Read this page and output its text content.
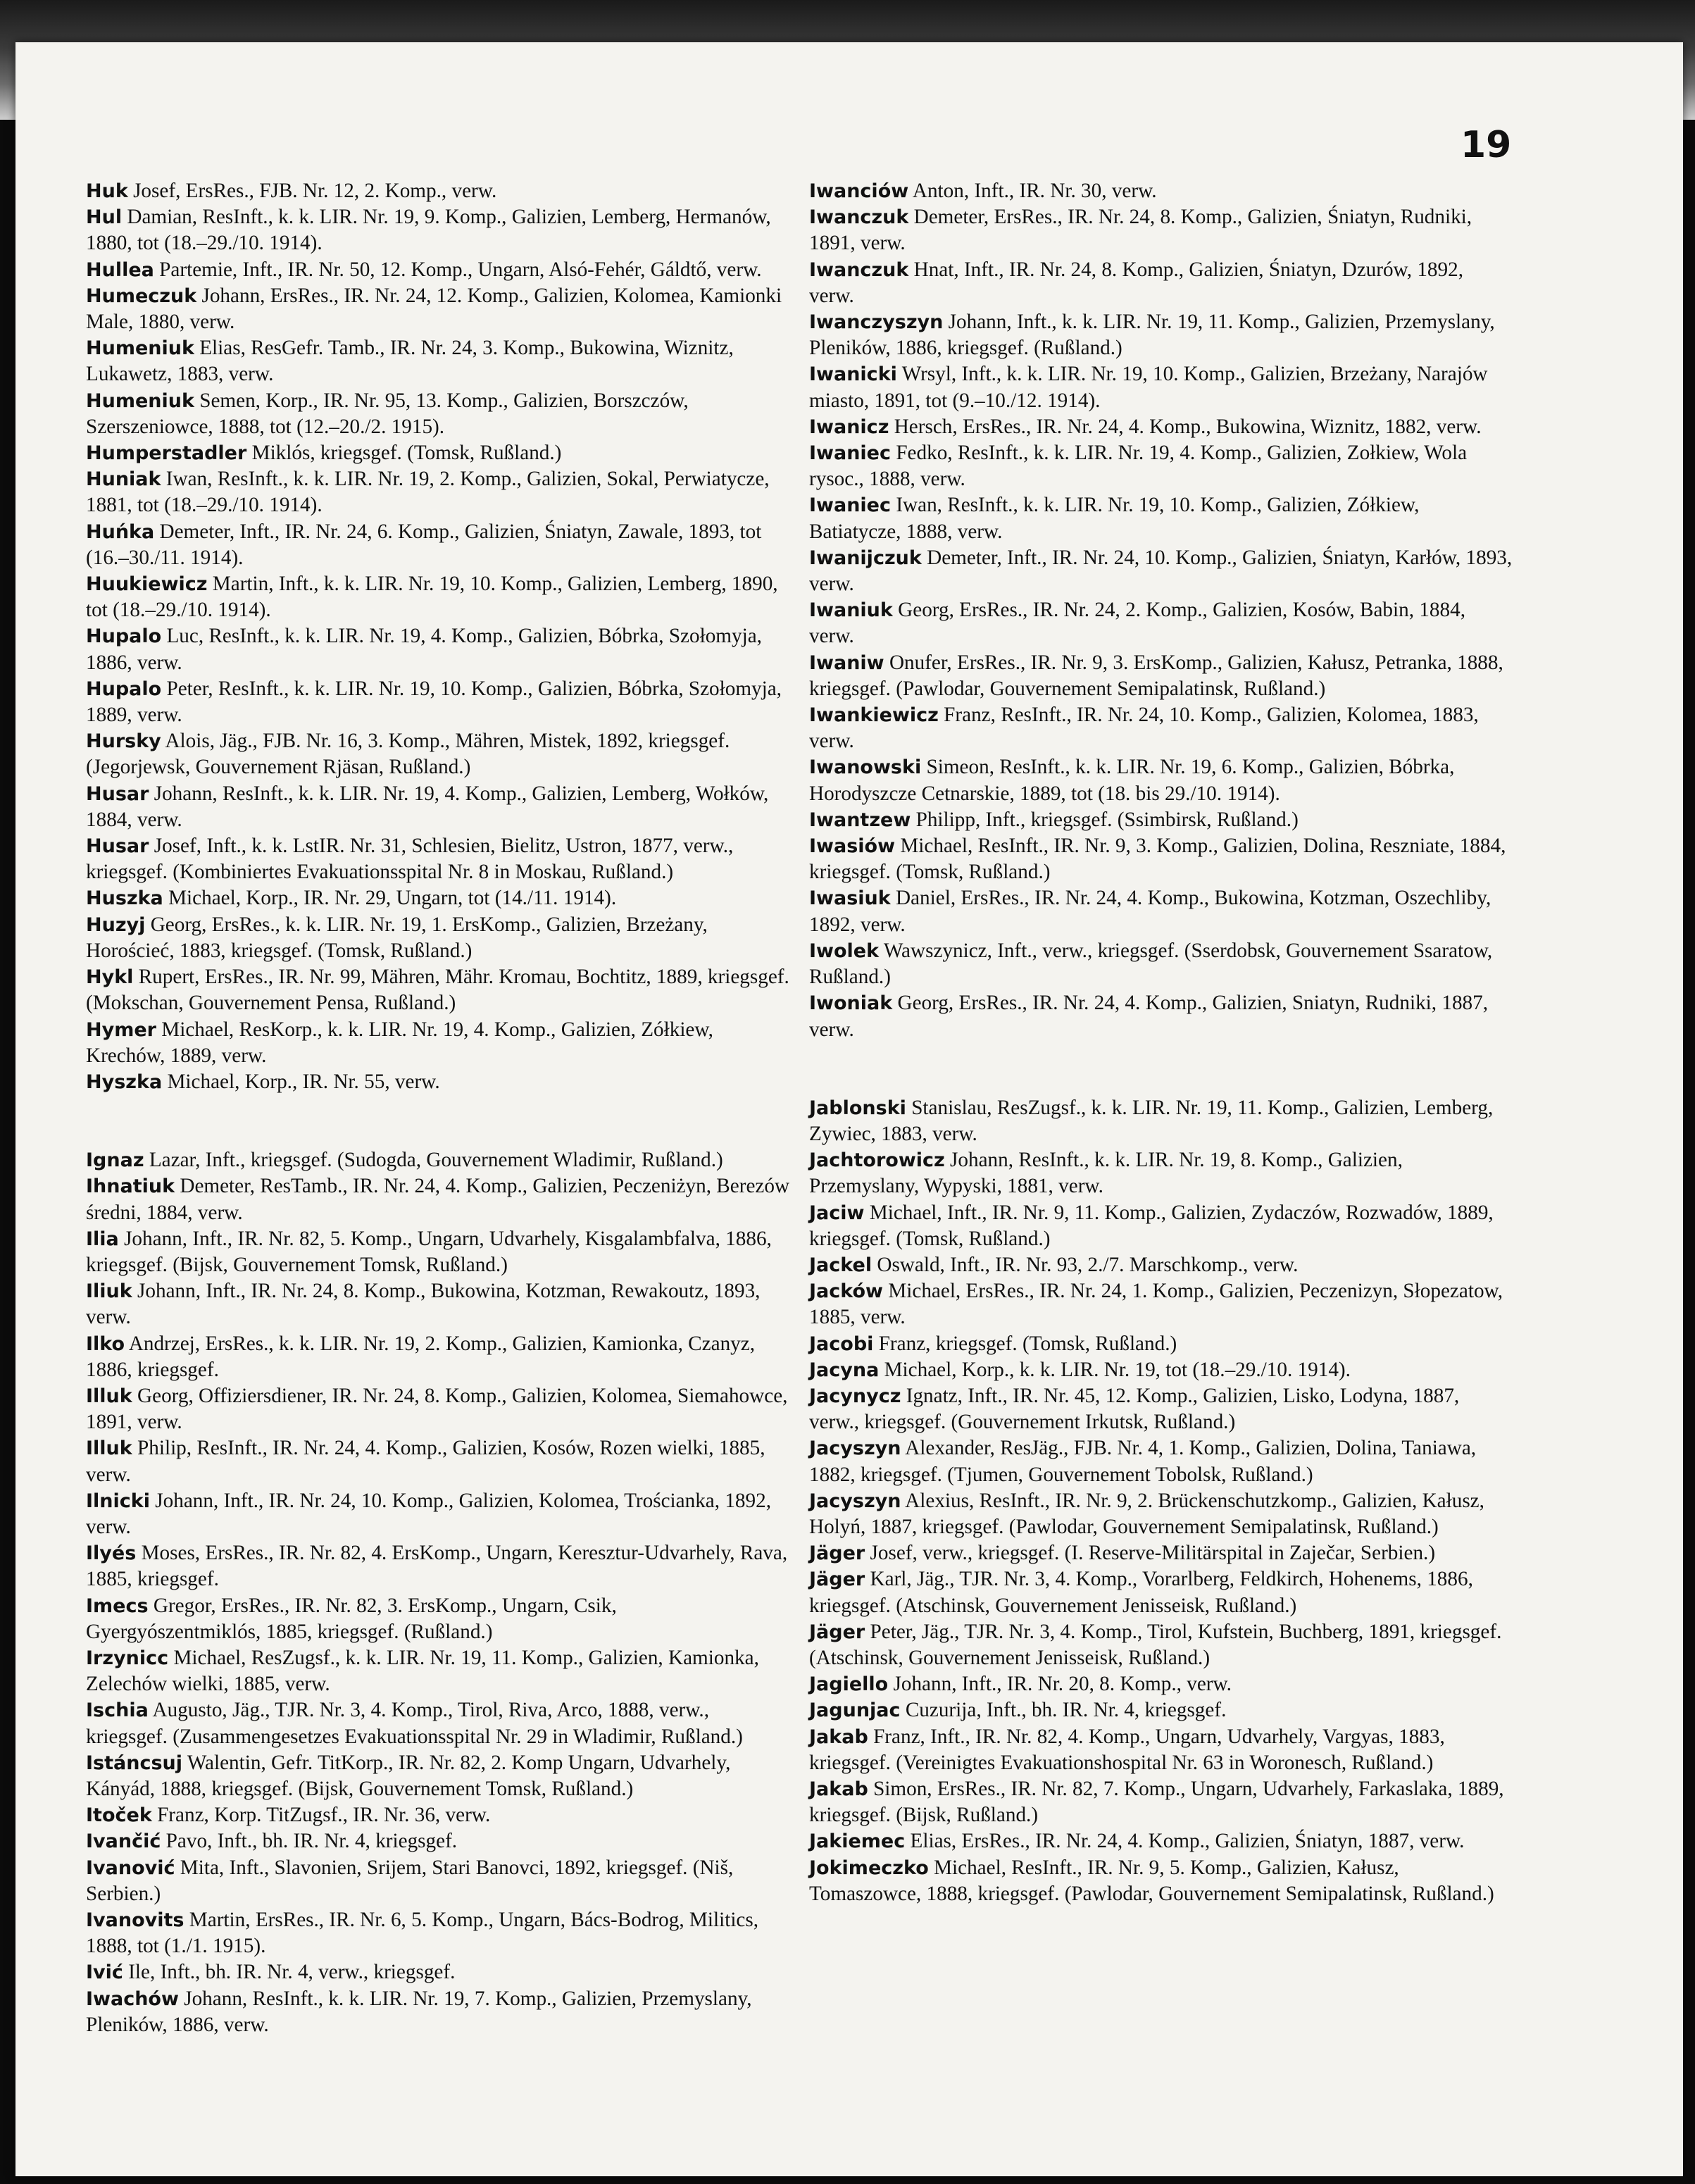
19

Huk Josef, ErsRes., FJB. Nr. 12, 2. Komp., verw.

Hul Damian, ResInft., k. k. LIR. Nr. 19, 9. Komp., Galizien, Lemberg, Hermanów, 1880, tot (18.–29./10. 1914).

Hullea Partemie, Inft., IR. Nr. 50, 12. Komp., Ungarn, Alsó-Fehér, Gáldtő, verw.

Humeczuk Johann, ErsRes., IR. Nr. 24, 12. Komp., Galizien, Kolomea, Kamionki Male, 1880, verw.

Humeniuk Elias, ResGefr. Tamb., IR. Nr. 24, 3. Komp., Bukowina, Wiznitz, Lukawetz, 1883, verw.

Humeniuk Semen, Korp., IR. Nr. 95, 13. Komp., Galizien, Borszczów, Szerszeniowce, 1888, tot (12.–20./2. 1915).

Humperstadler Miklós, kriegsgef. (Tomsk, Rußland.)

Huniak Iwan, ResInft., k. k. LIR. Nr. 19, 2. Komp., Galizien, Sokal, Perwiatycze, 1881, tot (18.–29./10. 1914).

Huńka Demeter, Inft., IR. Nr. 24, 6. Komp., Galizien, Śniatyn, Zawale, 1893, tot (16.–30./11. 1914).

Huukiewicz Martin, Inft., k. k. LIR. Nr. 19, 10. Komp., Galizien, Lemberg, 1890, tot (18.–29./10. 1914).

Hupalo Luc, ResInft., k. k. LIR. Nr. 19, 4. Komp., Galizien, Bóbrka, Szołomyja, 1886, verw.

Hupalo Peter, ResInft., k. k. LIR. Nr. 19, 10. Komp., Galizien, Bóbrka, Szołomyja, 1889, verw.

Hursky Alois, Jäg., FJB. Nr. 16, 3. Komp., Mähren, Mistek, 1892, kriegsgef. (Jegorjewsk, Gouvernement Rjäsan, Rußland.)

Husar Johann, ResInft., k. k. LIR. Nr. 19, 4. Komp., Galizien, Lemberg, Wołków, 1884, verw.

Husar Josef, Inft., k. k. LstIR. Nr. 31, Schlesien, Bielitz, Ustron, 1877, verw., kriegsgef. (Kombiniertes Evakuationsspital Nr. 8 in Moskau, Rußland.)

Huszka Michael, Korp., IR. Nr. 29, Ungarn, tot (14./11. 1914).

Huzyj Georg, ErsRes., k. k. LIR. Nr. 19, 1. ErsKomp., Galizien, Brzeżany, Horościeć, 1883, kriegsgef. (Tomsk, Rußland.)

Hykl Rupert, ErsRes., IR. Nr. 99, Mähren, Mähr. Kromau, Bochtitz, 1889, kriegsgef. (Mokschan, Gouvernement Pensa, Rußland.)

Hymer Michael, ResKorp., k. k. LIR. Nr. 19, 4. Komp., Galizien, Zółkiew, Krechów, 1889, verw.

Hyszka Michael, Korp., IR. Nr. 55, verw.

Ignaz Lazar, Inft., kriegsgef. (Sudogda, Gouvernement Wladimir, Rußland.)

Ihnatiuk Demeter, ResTamb., IR. Nr. 24, 4. Komp., Galizien, Peczeniżyn, Berezów średni, 1884, verw.

Ilia Johann, Inft., IR. Nr. 82, 5. Komp., Ungarn, Udvarhely, Kisgalambfalva, 1886, kriegsgef. (Bijsk, Gouvernement Tomsk, Rußland.)

Iliuk Johann, Inft., IR. Nr. 24, 8. Komp., Bukowina, Kotzman, Rewakoutz, 1893, verw.

Ilko Andrzej, ErsRes., k. k. LIR. Nr. 19, 2. Komp., Galizien, Kamionka, Czanyz, 1886, kriegsgef.

Illuk Georg, Offiziersdiener, IR. Nr. 24, 8. Komp., Galizien, Kolomea, Siemahowce, 1891, verw.

Illuk Philip, ResInft., IR. Nr. 24, 4. Komp., Galizien, Kosów, Rozen wielki, 1885, verw.

Ilnicki Johann, Inft., IR. Nr. 24, 10. Komp., Galizien, Kolomea, Trościanka, 1892, verw.

Ilyés Moses, ErsRes., IR. Nr. 82, 4. ErsKomp., Ungarn, Keresztur-Udvarhely, Rava, 1885, kriegsgef.

Imecs Gregor, ErsRes., IR. Nr. 82, 3. ErsKomp., Ungarn, Csik, Gyergyószentmiklós, 1885, kriegsgef. (Rußland.)

Irzynicc Michael, ResZugsf., k. k. LIR. Nr. 19, 11. Komp., Galizien, Kamionka, Zelechów wielki, 1885, verw.

Ischia Augusto, Jäg., TJR. Nr. 3, 4. Komp., Tirol, Riva, Arco, 1888, verw., kriegsgef. (Zusammengesetzes Evakuationsspital Nr. 29 in Wladimir, Rußland.)

Istáncsuj Walentin, Gefr. TitKorp., IR. Nr. 82, 2. Komp Ungarn, Udvarhely, Kányád, 1888, kriegsgef. (Bijsk, Gouvernement Tomsk, Rußland.)

Itoček Franz, Korp. TitZugsf., IR. Nr. 36, verw.

Ivančić Pavo, Inft., bh. IR. Nr. 4, kriegsgef.

Ivanović Mita, Inft., Slavonien, Srijem, Stari Banovci, 1892, kriegsgef. (Niš, Serbien.)

Ivanovits Martin, ErsRes., IR. Nr. 6, 5. Komp., Ungarn, Bács-Bodrog, Militics, 1888, tot (1./1. 1915).

Ivić Ile, Inft., bh. IR. Nr. 4, verw., kriegsgef.

Iwachów Johann, ResInft., k. k. LIR. Nr. 19, 7. Komp., Galizien, Przemyslany, Pleników, 1886, verw.

Iwanciów Anton, Inft., IR. Nr. 30, verw.

Iwanczuk Demeter, ErsRes., IR. Nr. 24, 8. Komp., Galizien, Śniatyn, Rudniki, 1891, verw.

Iwanczuk Hnat, Inft., IR. Nr. 24, 8. Komp., Galizien, Śniatyn, Dzurów, 1892, verw.

Iwanczyszyn Johann, Inft., k. k. LIR. Nr. 19, 11. Komp., Galizien, Przemyslany, Pleników, 1886, kriegsgef. (Rußland.)

Iwanicki Wrsyl, Inft., k. k. LIR. Nr. 19, 10. Komp., Galizien, Brzeżany, Narajów miasto, 1891, tot (9.–10./12. 1914).

Iwanicz Hersch, ErsRes., IR. Nr. 24, 4. Komp., Bukowina, Wiznitz, 1882, verw.

Iwaniec Fedko, ResInft., k. k. LIR. Nr. 19, 4. Komp., Galizien, Zołkiew, Wola rysoc., 1888, verw.

Iwaniec Iwan, ResInft., k. k. LIR. Nr. 19, 10. Komp., Galizien, Zółkiew, Batiatycze, 1888, verw.

Iwanijczuk Demeter, Inft., IR. Nr. 24, 10. Komp., Galizien, Śniatyn, Karłów, 1893, verw.

Iwaniuk Georg, ErsRes., IR. Nr. 24, 2. Komp., Galizien, Kosów, Babin, 1884, verw.

Iwaniw Onufer, ErsRes., IR. Nr. 9, 3. ErsKomp., Galizien, Kałusz, Petranka, 1888, kriegsgef. (Pawlodar, Gouvernement Semipalatinsk, Rußland.)

Iwankiewicz Franz, ResInft., IR. Nr. 24, 10. Komp., Galizien, Kolomea, 1883, verw.

Iwanowski Simeon, ResInft., k. k. LIR. Nr. 19, 6. Komp., Galizien, Bóbrka, Horodyszcze Cetnarskie, 1889, tot (18. bis 29./10. 1914).

Iwantzew Philipp, Inft., kriegsgef. (Ssimbirsk, Rußland.)

Iwasiów Michael, ResInft., IR. Nr. 9, 3. Komp., Galizien, Dolina, Reszniate, 1884, kriegsgef. (Tomsk, Rußland.)

Iwasiuk Daniel, ErsRes., IR. Nr. 24, 4. Komp., Bukowina, Kotzman, Oszechliby, 1892, verw.

Iwolek Wawszynicz, Inft., verw., kriegsgef. (Sserdobsk, Gouvernement Ssaratow, Rußland.)

Iwoniak Georg, ErsRes., IR. Nr. 24, 4. Komp., Galizien, Sniatyn, Rudniki, 1887, verw.

Jablonski Stanislau, ResZugsf., k. k. LIR. Nr. 19, 11. Komp., Galizien, Lemberg, Zywiec, 1883, verw.

Jachtorowicz Johann, ResInft., k. k. LIR. Nr. 19, 8. Komp., Galizien, Przemyslany, Wypyski, 1881, verw.

Jaciw Michael, Inft., IR. Nr. 9, 11. Komp., Galizien, Zydaczów, Rozwadów, 1889, kriegsgef. (Tomsk, Rußland.)

Jackel Oswald, Inft., IR. Nr. 93, 2./7. Marschkomp., verw.

Jacków Michael, ErsRes., IR. Nr. 24, 1. Komp., Galizien, Peczenizyn, Słopezatow, 1885, verw.

Jacobi Franz, kriegsgef. (Tomsk, Rußland.)

Jacyna Michael, Korp., k. k. LIR. Nr. 19, tot (18.–29./10. 1914).

Jacynycz Ignatz, Inft., IR. Nr. 45, 12. Komp., Galizien, Lisko, Lodyna, 1887, verw., kriegsgef. (Gouvernement Irkutsk, Rußland.)

Jacyszyn Alexander, ResJäg., FJB. Nr. 4, 1. Komp., Galizien, Dolina, Taniawa, 1882, kriegsgef. (Tjumen, Gouvernement Tobolsk, Rußland.)

Jacyszyn Alexius, ResInft., IR. Nr. 9, 2. Brückenschutzkomp., Galizien, Kałusz, Holyń, 1887, kriegsgef. (Pawlodar, Gouvernement Semipalatinsk, Rußland.)

Jäger Josef, verw., kriegsgef. (I. Reserve-Militärspital in Zaječar, Serbien.)

Jäger Karl, Jäg., TJR. Nr. 3, 4. Komp., Vorarlberg, Feldkirch, Hohenems, 1886, kriegsgef. (Atschinsk, Gouvernement Jenisseisk, Rußland.)

Jäger Peter, Jäg., TJR. Nr. 3, 4. Komp., Tirol, Kufstein, Buchberg, 1891, kriegsgef. (Atschinsk, Gouvernement Jenisseisk, Rußland.)

Jagiello Johann, Inft., IR. Nr. 20, 8. Komp., verw.

Jagunjac Cuzurija, Inft., bh. IR. Nr. 4, kriegsgef.

Jakab Franz, Inft., IR. Nr. 82, 4. Komp., Ungarn, Udvarhely, Vargyas, 1883, kriegsgef. (Vereinigtes Evakuationshospital Nr. 63 in Woronesch, Rußland.)

Jakab Simon, ErsRes., IR. Nr. 82, 7. Komp., Ungarn, Udvarhely, Farkaslaka, 1889, kriegsgef. (Bijsk, Rußland.)

Jakiemec Elias, ErsRes., IR. Nr. 24, 4. Komp., Galizien, Śniatyn, 1887, verw.

Jokimeczko Michael, ResInft., IR. Nr. 9, 5. Komp., Galizien, Kałusz, Tomaszowce, 1888, kriegsgef. (Pawlodar, Gouvernement Semipalatinsk, Rußland.)
